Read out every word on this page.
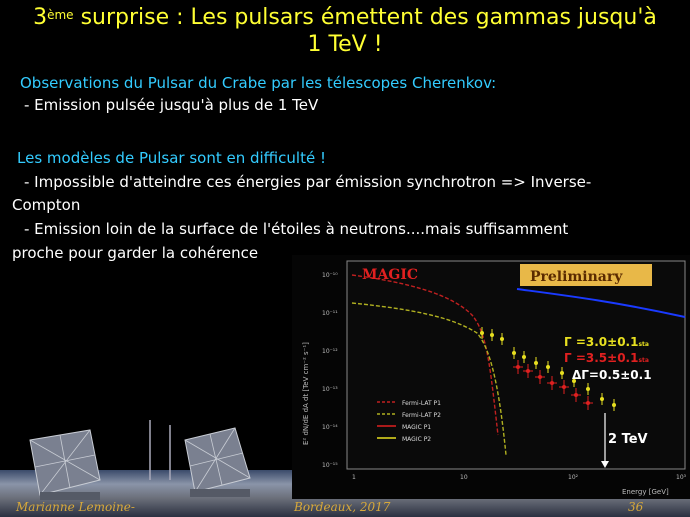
3ème surprise : Les pulsars émettent des gammas jusqu'à
1 TeV !
Observations du Pulsar du Crabe par les télescopes Cherenkov:
- Emission pulsée jusqu'à plus de 1 TeV
Les modèles de Pulsar sont en difficulté !
- Impossible d'atteindre ces énergies par émission synchrotron => Inverse-
Compton
- Emission loin de la surface de l'étoiles à neutrons....mais suffisamment
proche pour garder la cohérence
E² dN/dE dA dt [TeV cm⁻² s⁻¹]
10⁻¹⁰
10⁻¹¹
10⁻¹²
10⁻¹³
10⁻¹⁴
10⁻¹⁵
1	10	10²	10³
Energy [GeV]
MAGIC	Preliminary
Γ =3.0±0.1sta
Γ =3.5±0.1sta
ΔΓ=0.5±0.1
2 TeV
Fermi-LAT P1
Fermi-LAT P2
MAGIC P1
MAGIC P2
Marianne Lemoine-	Bordeaux, 2017	36
